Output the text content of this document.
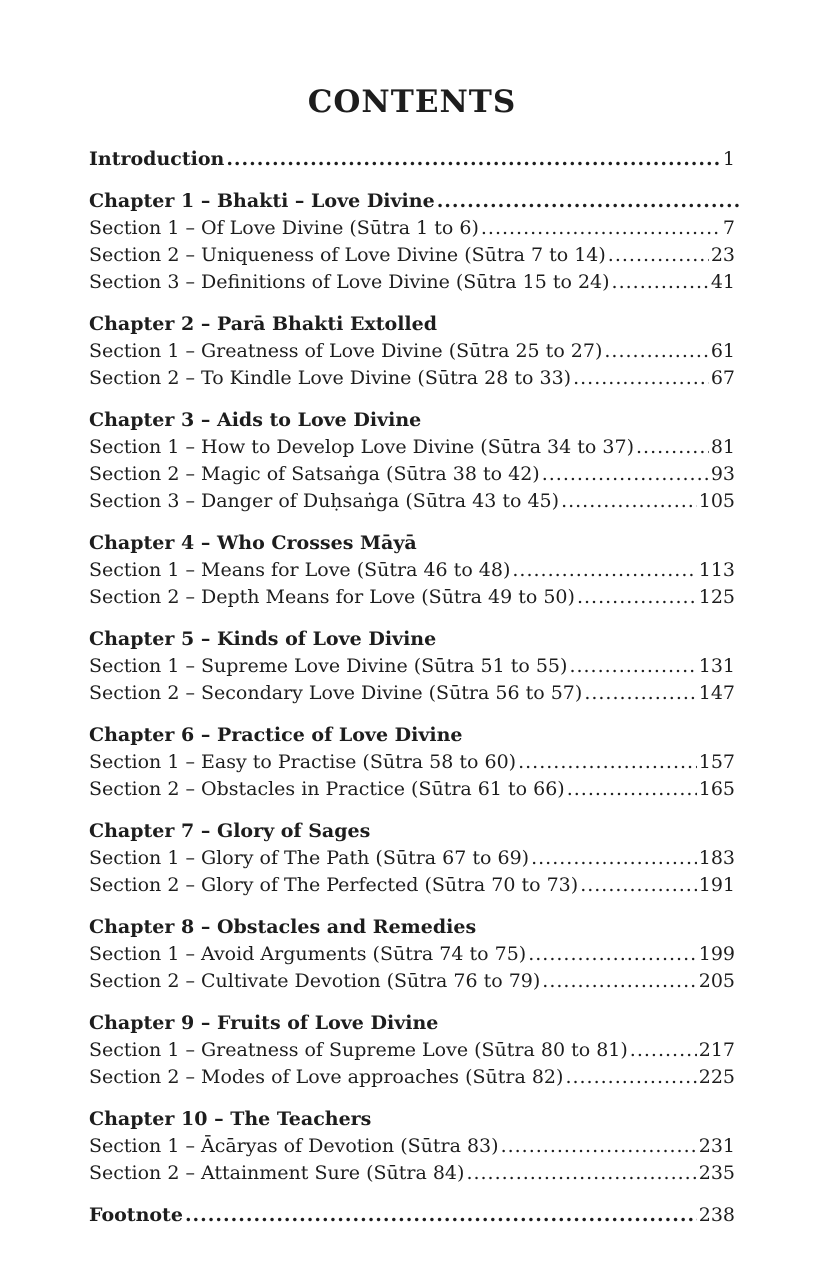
CONTENTS
Introduction .....	1
Chapter 1 – Bhakti – Love Divine
.....
Section 1 – Of Love Divine (Sūtra 1 to 6) .....	7
Section 2 – Uniqueness of Love Divine (Sūtra 7 to 14) .....	23
Section 3 – Definitions of Love Divine (Sūtra 15 to 24) .....	41
Chapter 2 – Parā Bhakti Extolled
Section 1 – Greatness of Love Divine (Sūtra 25 to 27) .....	61
Section 2 – To Kindle Love Divine (Sūtra 28 to 33) .....	67
Chapter 3 – Aids to Love Divine
Section 1 – How to Develop Love Divine (Sūtra 34 to 37) .....	81
Section 2 – Magic of Satsaṅga (Sūtra 38 to 42) .....	93
Section 3 – Danger of Duḥsaṅga (Sūtra 43 to 45) .....	105
Chapter 4 – Who Crosses Māyā
Section 1 – Means for Love (Sūtra 46 to 48) .....	113
Section 2 – Depth Means for Love (Sūtra 49 to 50) .....	125
Chapter 5 – Kinds of Love Divine
Section 1 – Supreme Love Divine (Sūtra 51 to 55) .....	131
Section 2 – Secondary Love Divine (Sūtra 56 to 57) .....	147
Chapter 6 – Practice of Love Divine
Section 1 – Easy to Practise (Sūtra 58 to 60) .....	157
Section 2 – Obstacles in Practice (Sūtra 61 to 66) .....	165
Chapter 7 – Glory of Sages
Section 1 – Glory of The Path (Sūtra 67 to 69) .....	183
Section 2 – Glory of The Perfected (Sūtra 70 to 73) .....	191
Chapter 8 – Obstacles and Remedies
Section 1 – Avoid Arguments (Sūtra 74 to 75) .....	199
Section 2 – Cultivate Devotion (Sūtra 76 to 79) .....	205
Chapter 9 – Fruits of Love Divine
Section 1 – Greatness of Supreme Love (Sūtra 80 to 81) .....	217
Section 2 – Modes of Love approaches (Sūtra 82) .....	225
Chapter 10 – The Teachers
Section 1 – Ācāryas of Devotion (Sūtra 83) .....	231
Section 2 – Attainment Sure (Sūtra 84) .....	235
Footnote .....	238
